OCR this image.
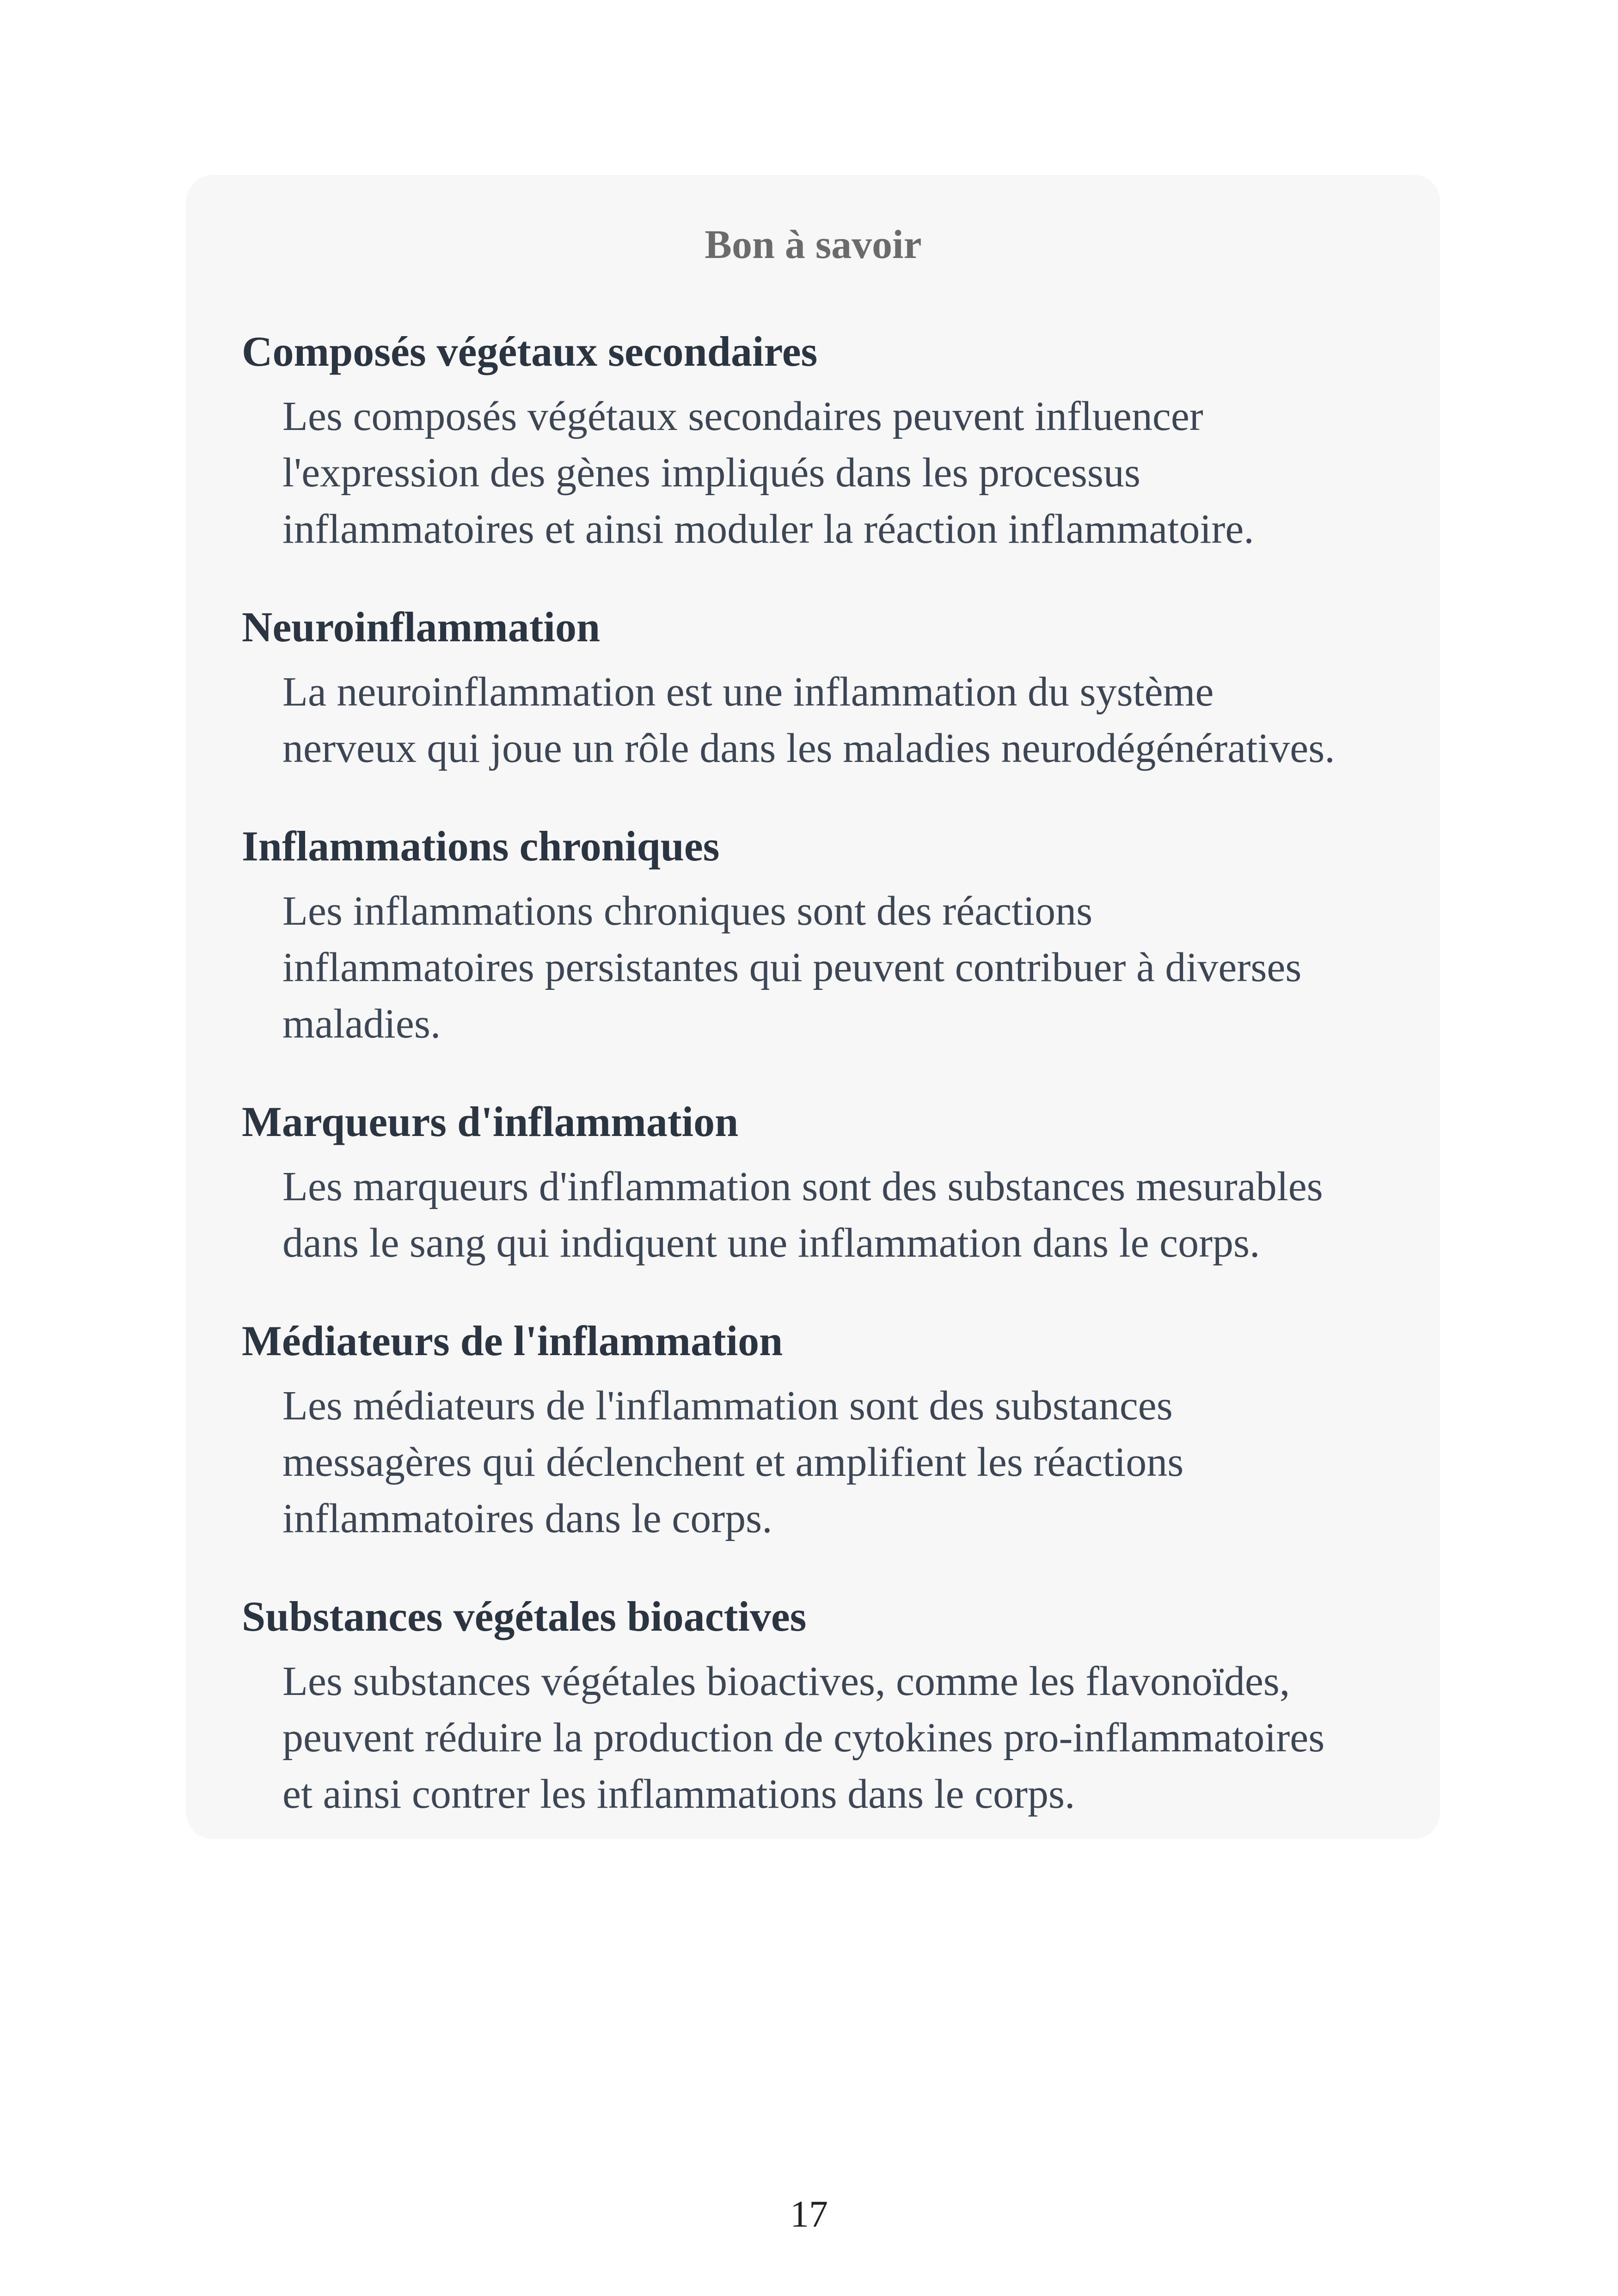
Bon à savoir
Composés végétaux secondaires
Les composés végétaux secondaires peuvent influencer
l'expression des gènes impliqués dans les processus
inflammatoires et ainsi moduler la réaction inflammatoire.
Neuroinflammation
La neuroinflammation est une inflammation du système
nerveux qui joue un rôle dans les maladies neurodégénératives.
Inflammations chroniques
Les inflammations chroniques sont des réactions
inflammatoires persistantes qui peuvent contribuer à diverses
maladies.
Marqueurs d'inflammation
Les marqueurs d'inflammation sont des substances mesurables
dans le sang qui indiquent une inflammation dans le corps.
Médiateurs de l'inflammation
Les médiateurs de l'inflammation sont des substances
messagères qui déclenchent et amplifient les réactions
inflammatoires dans le corps.
Substances végétales bioactives
Les substances végétales bioactives, comme les flavonoïdes,
peuvent réduire la production de cytokines pro-inflammatoires
et ainsi contrer les inflammations dans le corps.
17
